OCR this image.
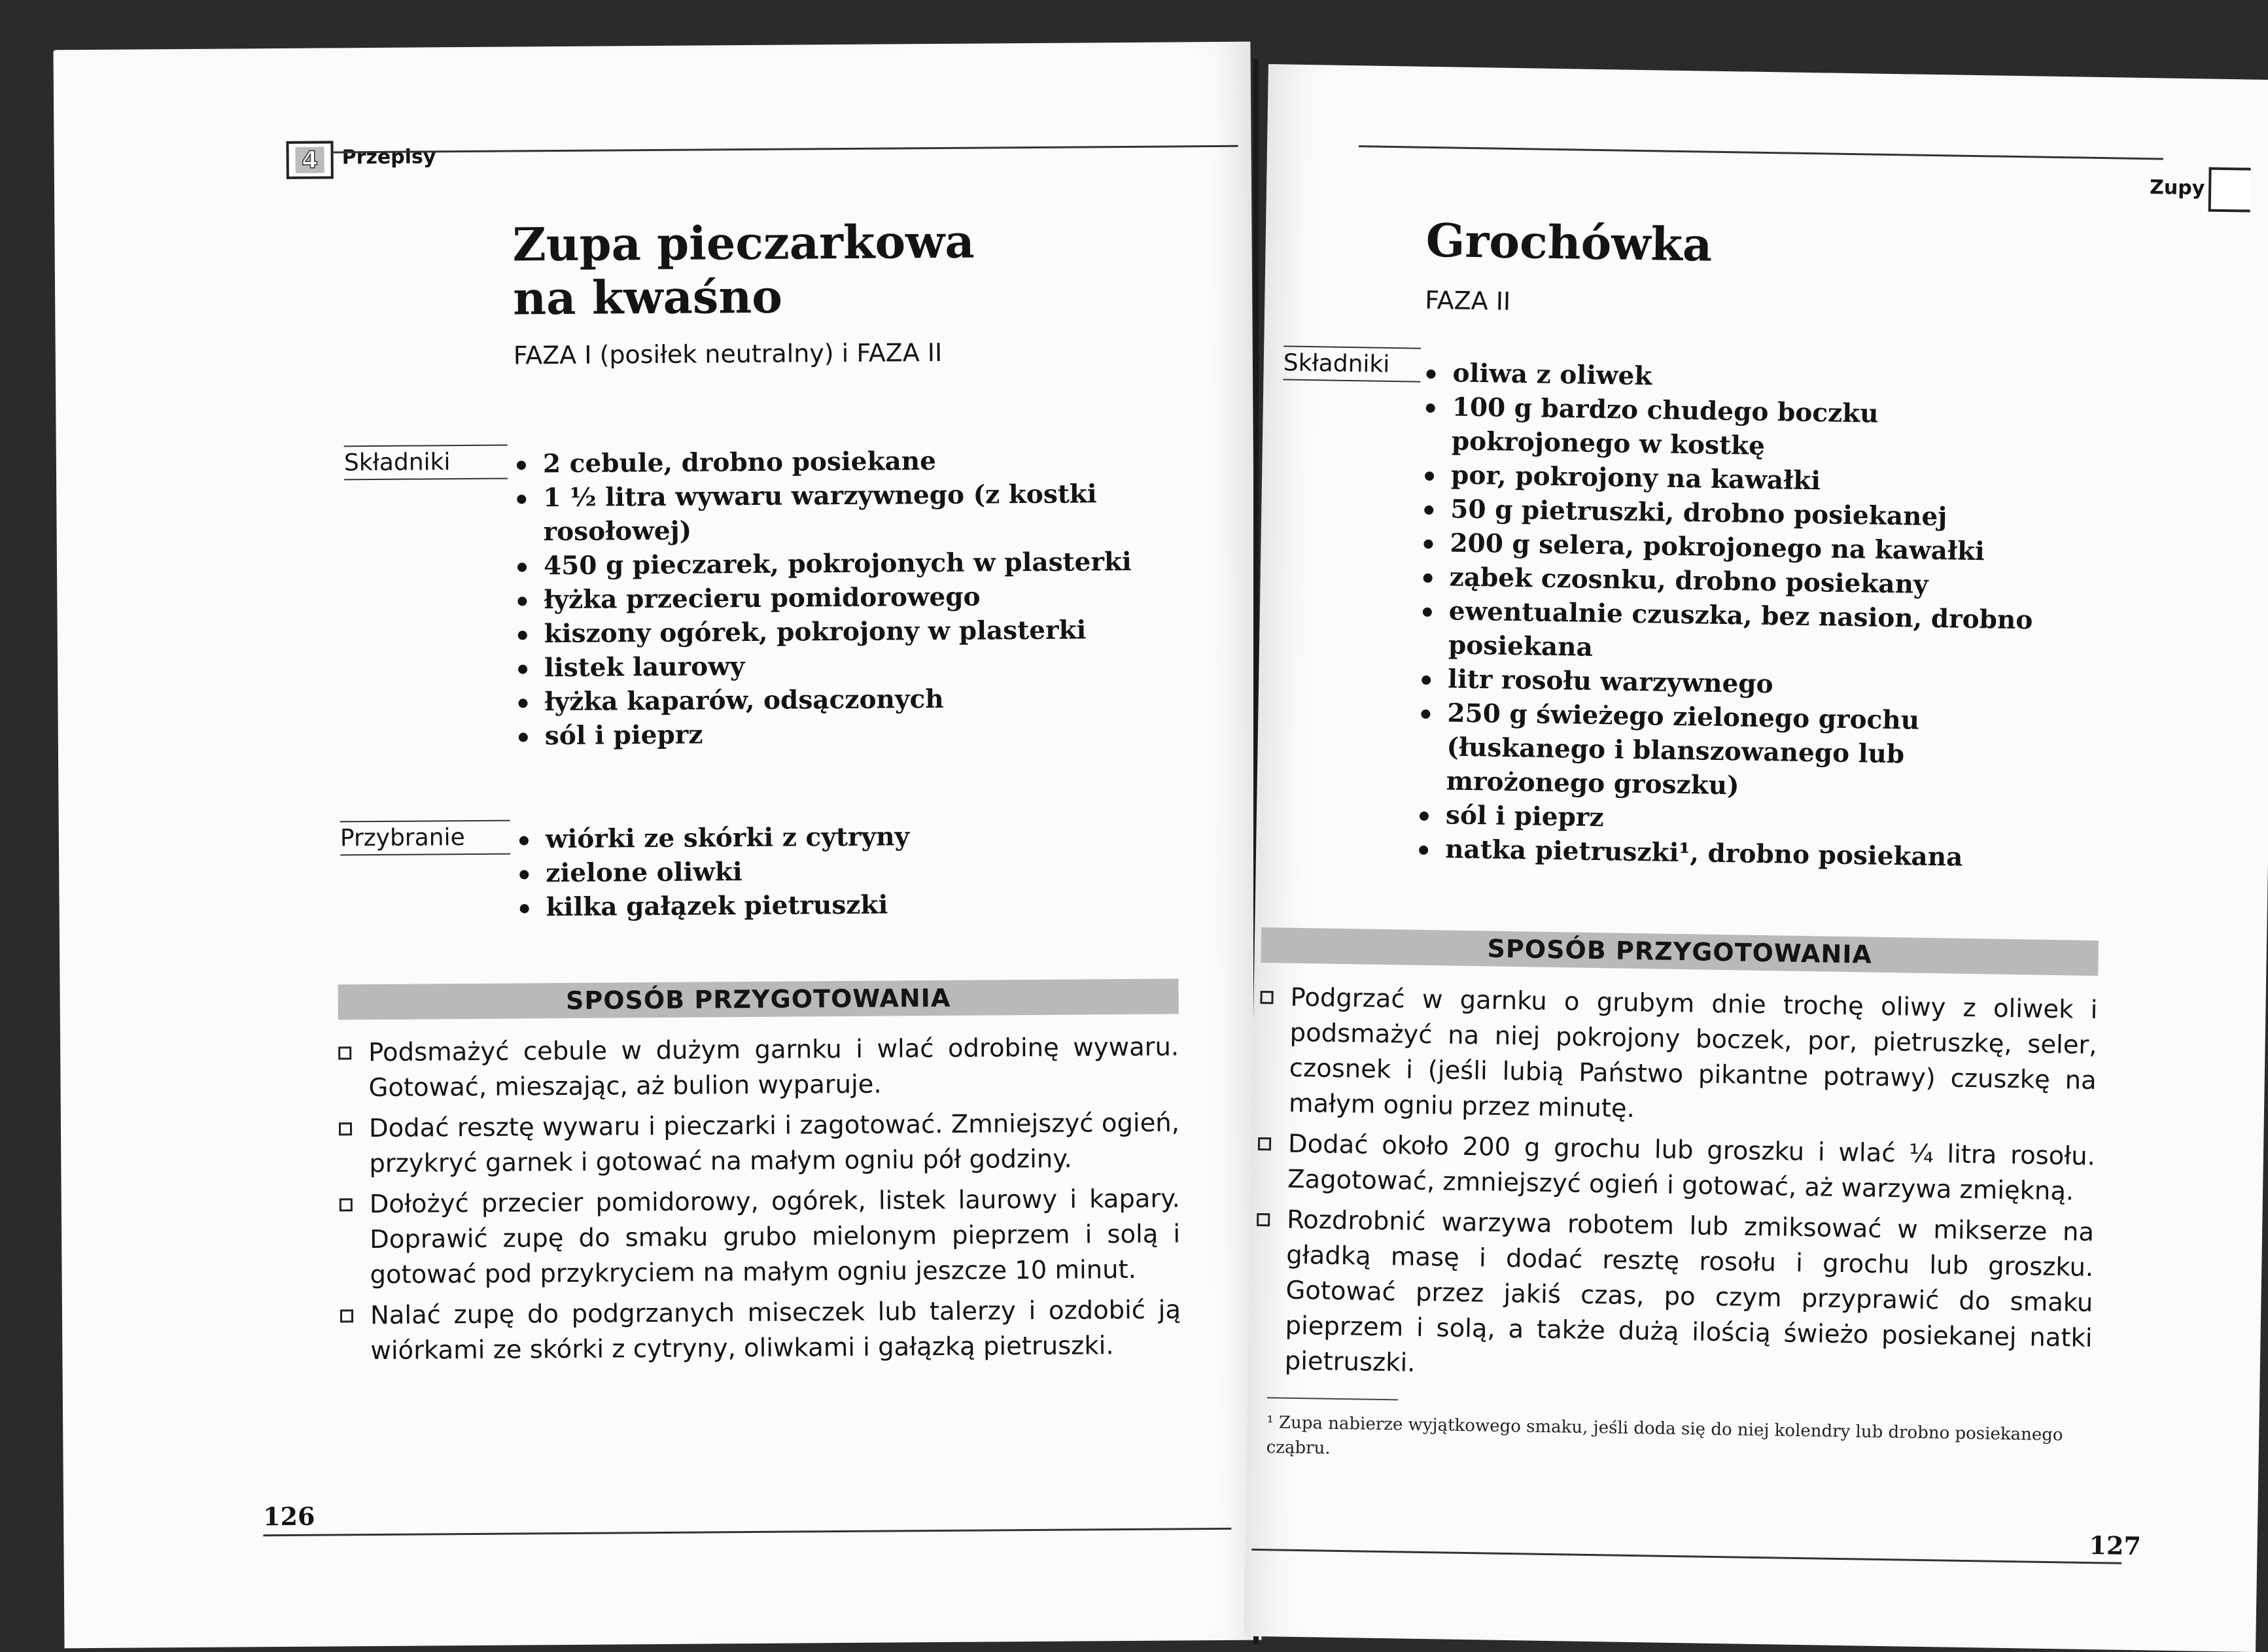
4	Przepisy
Zupa pieczarkowa
na kwaśno
FAZA I (posiłek neutralny) i FAZA II
Składniki	2 cebule, drobno posiekane
1 ½ litra wywaru warzywnego (z kostki rosołowej)
450 g pieczarek, pokrojonych w plasterki
łyżka przecieru pomidorowego
kiszony ogórek, pokrojony w plasterki
listek laurowy
łyżka kaparów, odsączonych
sól i pieprz
Przybranie	wiórki ze skórki z cytryny
zielone oliwki
kilka gałązek pietruszki
SPOSÓB PRZYGOTOWANIA
Podsmażyć cebule w dużym garnku i wlać odrobinę wywaru. Gotować, mieszając, aż bulion wyparuje.
Dodać resztę wywaru i pieczarki i zagotować. Zmniejszyć ogień, przykryć garnek i gotować na małym ogniu pół godziny.
Dołożyć przecier pomidorowy, ogórek, listek laurowy i kapary. Doprawić zupę do smaku grubo mielonym pieprzem i solą i gotować pod przykryciem na małym ogniu jeszcze 10 minut.
Nalać zupę do podgrzanych miseczek lub talerzy i ozdobić ją wiórkami ze skórki z cytryny, oliwkami i gałązką pietruszki.
126
Zupy
Grochówka
FAZA II
Składniki	oliwa z oliwek
100 g bardzo chudego boczku pokrojonego w kostkę
por, pokrojony na kawałki
50 g pietruszki, drobno posiekanej
200 g selera, pokrojonego na kawałki
ząbek czosnku, drobno posiekany
ewentualnie czuszka, bez nasion, drobno posiekana
litr rosołu warzywnego
250 g świeżego zielonego grochu (łuskanego i blanszowanego lub mrożonego groszku)
sól i pieprz
natka pietruszki¹, drobno posiekana
SPOSÓB PRZYGOTOWANIA
Podgrzać w garnku o grubym dnie trochę oliwy z oliwek i podsmażyć na niej pokrojony boczek, por, pietruszkę, seler, czosnek i (jeśli lubią Państwo pikantne potrawy) czuszkę na małym ogniu przez minutę.
Dodać około 200 g grochu lub groszku i wlać ¼ litra rosołu. Zagotować, zmniejszyć ogień i gotować, aż warzywa zmiękną.
Rozdrobnić warzywa robotem lub zmiksować w mikserze na gładką masę i dodać resztę rosołu i grochu lub groszku. Gotować przez jakiś czas, po czym przyprawić do smaku pieprzem i solą, a także dużą ilością świeżo posiekanej natki pietruszki.
¹ Zupa nabierze wyjątkowego smaku, jeśli doda się do niej kolendry lub drobno posiekanego cząbru.
127
